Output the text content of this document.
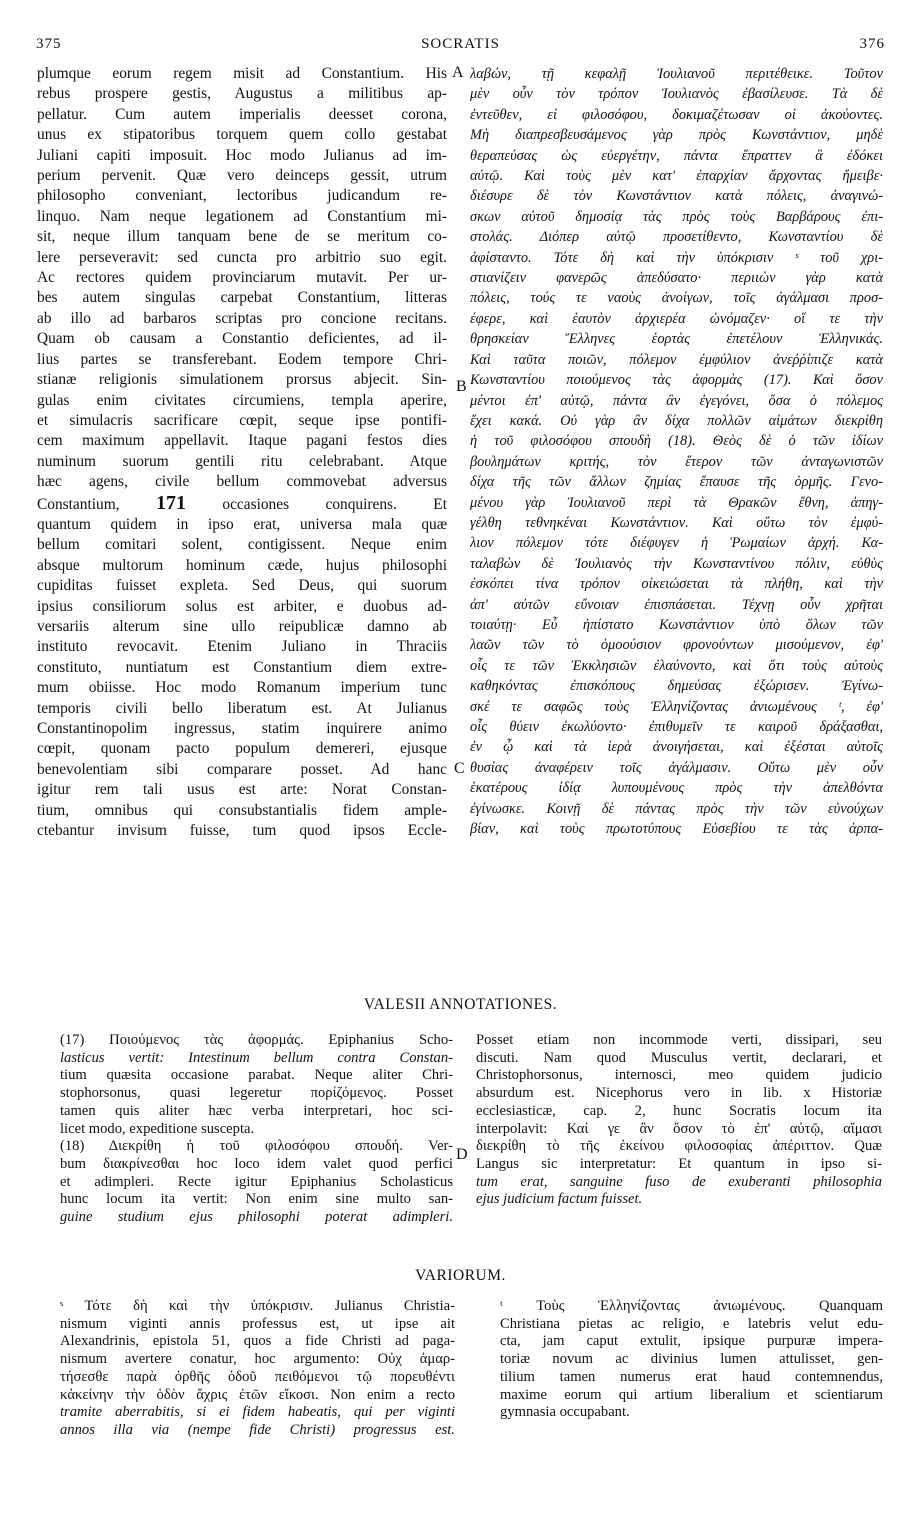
375	SOCRATIS	376
A
B
C
D
plumque eorum regem misit ad Constantium. His
rebus prospere gestis, Augustus a militibus ap-
pellatur. Cum autem imperialis deesset corona,
unus ex stipatoribus torquem quem collo gestabat
Juliani capiti imposuit. Hoc modo Julianus ad im-
perium pervenit. Quæ vero deinceps gessit, utrum
philosopho conveniant, lectoribus judicandum re-
linquo. Nam neque legationem ad Constantium mi-
sit, neque illum tanquam bene de se meritum co-
lere perseveravit: sed cuncta pro arbitrio suo egit.
Ac rectores quidem provinciarum mutavit. Per ur-
bes autem singulas carpebat Constantium, litteras
ab illo ad barbaros scriptas pro concione recitans.
Quam ob causam a Constantio deficientes, ad il-
lius partes se transferebant. Eodem tempore Chri-
stianæ religionis simulationem prorsus abjecit. Sin-
gulas enim civitates circumiens, templa aperire,
et simulacris sacrificare cœpit, seque ipse pontifi-
cem maximum appellavit. Itaque pagani festos dies
numinum suorum gentili ritu celebrabant. Atque
hæc agens, civile bellum commovebat adversus
Constantium, 171 occasiones conquirens. Et
quantum quidem in ipso erat, universa mala quæ
bellum comitari solent, contigissent. Neque enim
absque multorum hominum cæde, hujus philosophi
cupiditas fuisset expleta. Sed Deus, qui suorum
ipsius consiliorum solus est arbiter, e duobus ad-
versariis alterum sine ullo reipublicæ damno ab
instituto revocavit. Etenim Juliano in Thraciis
constituto, nuntiatum est Constantium diem extre-
mum obiisse. Hoc modo Romanum imperium tunc
temporis civili bello liberatum est. At Julianus
Constantinopolim ingressus, statim inquirere animo
cœpit, quonam pacto populum demereri, ejusque
benevolentiam sibi comparare posset. Ad hanc
igitur rem tali usus est arte: Norat Constan-
tium, omnibus qui consubstantialis fidem ample-
ctebantur invisum fuisse, tum quod ipsos Eccle-
λαβών, τῇ κεφαλῇ Ἰουλιανοῦ περιτέθεικε. Τοῦτον
μὲν οὖν τὸν τρόπον Ἰουλιανὸς ἐβασίλευσε. Τὰ δὲ
ἐντεῦθεν, εἰ φιλοσόφου, δοκιμαζέτωσαν οἱ ἀκούοντες.
Μὴ διαπρεσβευσάμενος γὰρ πρὸς Κωνστάντιον, μηδὲ
θεραπεύσας ὡς εὐεργέτην, πάντα ἔπραττεν ἃ ἐδόκει
αὐτῷ. Καὶ τοὺς μὲν κατ' ἐπαρχίαν ἄρχοντας ἤμειβε·
διέσυρε δὲ τὸν Κωνστάντιον κατὰ πόλεις, ἀναγινώ-
σκων αὐτοῦ δημοσίᾳ τὰς πρὸς τοὺς Βαρβάρους ἐπι-
στολάς. Διόπερ αὐτῷ προσετίθεντο, Κωνσταντίου δὲ
ἀφίσταντο. Τότε δὴ καὶ τὴν ὑπόκρισιν ˢ τοῦ χρι-
στιανίζειν φανερῶς ἀπεδύσατο· περιιὼν γὰρ κατὰ
πόλεις, τούς τε ναοὺς ἀνοίγων, τοῖς ἀγάλμασι προσ-
έφερε, καὶ ἑαυτὸν ἀρχιερέα ὠνόμαζεν· οἵ τε τὴν
θρησκείαν Ἕλληνες ἑορτὰς ἐπετέλουν Ἑλληνικάς.
Καὶ ταῦτα ποιῶν, πόλεμον ἐμφύλιον ἀνεῤῥίπιζε κατὰ
Κωνσταντίου ποιούμενος τὰς ἀφορμὰς (17). Καὶ ὅσον
μέντοι ἐπ' αὐτῷ, πάντα ἂν ἐγεγόνει, ὅσα ὁ πόλεμος
ἔχει κακά. Οὐ γὰρ ἂν δίχα πολλῶν αἱμάτων διεκρίθη
ἡ τοῦ φιλοσόφου σπουδὴ (18). Θεὸς δὲ ὁ τῶν ἰδίων
βουλημάτων κριτής, τὸν ἕτερον τῶν ἀνταγωνιστῶν
δίχα τῆς τῶν ἄλλων ζημίας ἔπαυσε τῆς ὁρμῆς. Γενο-
μένου γὰρ Ἰουλιανοῦ περὶ τὰ Θρακῶν ἔθνη, ἀπηγ-
γέλθη τεθνηκέναι Κωνστάντιον. Καὶ οὕτω τὸν ἐμφύ-
λιον πόλεμον τότε διέφυγεν ἡ Ῥωμαίων ἀρχή. Κα-
ταλαβὼν δὲ Ἰουλιανὸς τὴν Κωνσταντίνου πόλιν, εὐθὺς
ἐσκόπει τίνα τρόπον οἰκειώσεται τὰ πλήθη, καὶ τὴν
ἀπ' αὐτῶν εὔνοιαν ἐπισπάσεται. Τέχνῃ οὖν χρῆται
τοιαύτῃ· Εὖ ἠπίστατο Κωνστάντιον ὑπὸ ὅλων τῶν
λαῶν τῶν τὸ ὁμοούσιον φρονούντων μισούμενον, ἐφ'
οἷς τε τῶν Ἐκκλησιῶν ἐλαύνοντο, καὶ ὅτι τοὺς αὐτοὺς
καθηκόντας ἐπισκόπους δημεύσας ἐξώρισεν. Ἐγίνω-
σκέ τε σαφῶς τοὺς Ἑλληνίζοντας ἀνιωμένους ᵗ, ἐφ'
οἷς θύειν ἐκωλύοντο· ἐπιθυμεῖν τε καιροῦ δράξασθαι,
ἐν ᾧ καὶ τὰ ἱερὰ ἀνοιγήσεται, καὶ ἐξέσται αὐτοῖς
θυσίας ἀναφέρειν τοῖς ἀγάλμασιν. Οὕτω μὲν οὖν
ἑκατέρους ἰδίᾳ λυπουμένους πρὸς τὴν ἀπελθόντα
ἐγίνωσκε. Κοινῇ δὲ πάντας πρὸς τὴν τῶν εὐνούχων
βίαν, καὶ τοὺς πρωτοτύπους Εὐσεβίου τε τὰς ἁρπα-
VALESII ANNOTATIONES.
(17) Ποιούμενος τὰς ἀφορμάς. Epiphanius Scho-
lasticus vertit: Intestinum bellum contra Constan-
tium quæsita occasione parabat. Neque aliter Chri-
stophorsonus, quasi legeretur πορίζόμενος. Posset
tamen quis aliter hæc verba interpretari, hoc sci-
licet modo, expeditione suscepta.
(18) Διεκρίθη ἡ τοῦ φιλοσόφου σπουδή. Ver-
bum διακρίνεσθαι hoc loco idem valet quod perfici
et adimpleri. Recte igitur Epiphanius Scholasticus
hunc locum ita vertit: Non enim sine multo san-
guine studium ejus philosophi poterat adimpleri.
Posset etiam non incommode verti, dissipari, seu
discuti. Nam quod Musculus vertit, declarari, et
Christophorsonus, internosci, meo quidem judicio
absurdum est. Nicephorus vero in lib. x Historiæ
ecclesiasticæ, cap. 2, hunc Socratis locum ita
interpolavit: Καί γε ἂν ὅσον τὸ ἐπ' αὐτῷ, αἵμασι
διεκρίθη τὸ τῆς ἐκείνου φιλοσοφίας ἀπέριττον. Quæ
Langus sic interpretatur: Et quantum in ipso si-
tum erat, sanguine fuso de exuberanti philosophia
ejus judicium factum fuisset.
VARIORUM.
ˢ Τότε δὴ καὶ τὴν ὑπόκρισιν. Julianus Christia-
nismum viginti annis professus est, ut ipse ait
Alexandrinis, epistola 51, quos a fide Christi ad paga-
nismum avertere conatur, hoc argumento: Οὐχ ἁμαρ-
τήσεσθε παρὰ ὀρθῆς ὁδοῦ πειθόμενοι τῷ πορευθέντι
κἀκείνην τὴν ὁδὸν ἄχρις ἐτῶν εἴκοσι. Non enim a recto
tramite aberrabitis, si ei fidem habeatis, qui per viginti
annos illa via (nempe fide Christi) progressus est.
ᵗ Τοὺς Ἑλληνίζοντας ἀνιωμένους. Quanquam
Christiana pietas ac religio, e latebris velut edu-
cta, jam caput extulit, ipsique purpuræ impera-
toriæ novum ac divinius lumen attulisset, gen-
tilium tamen numerus erat haud contemnendus,
maxime eorum qui artium liberalium et scientiarum
gymnasia occupabant.
